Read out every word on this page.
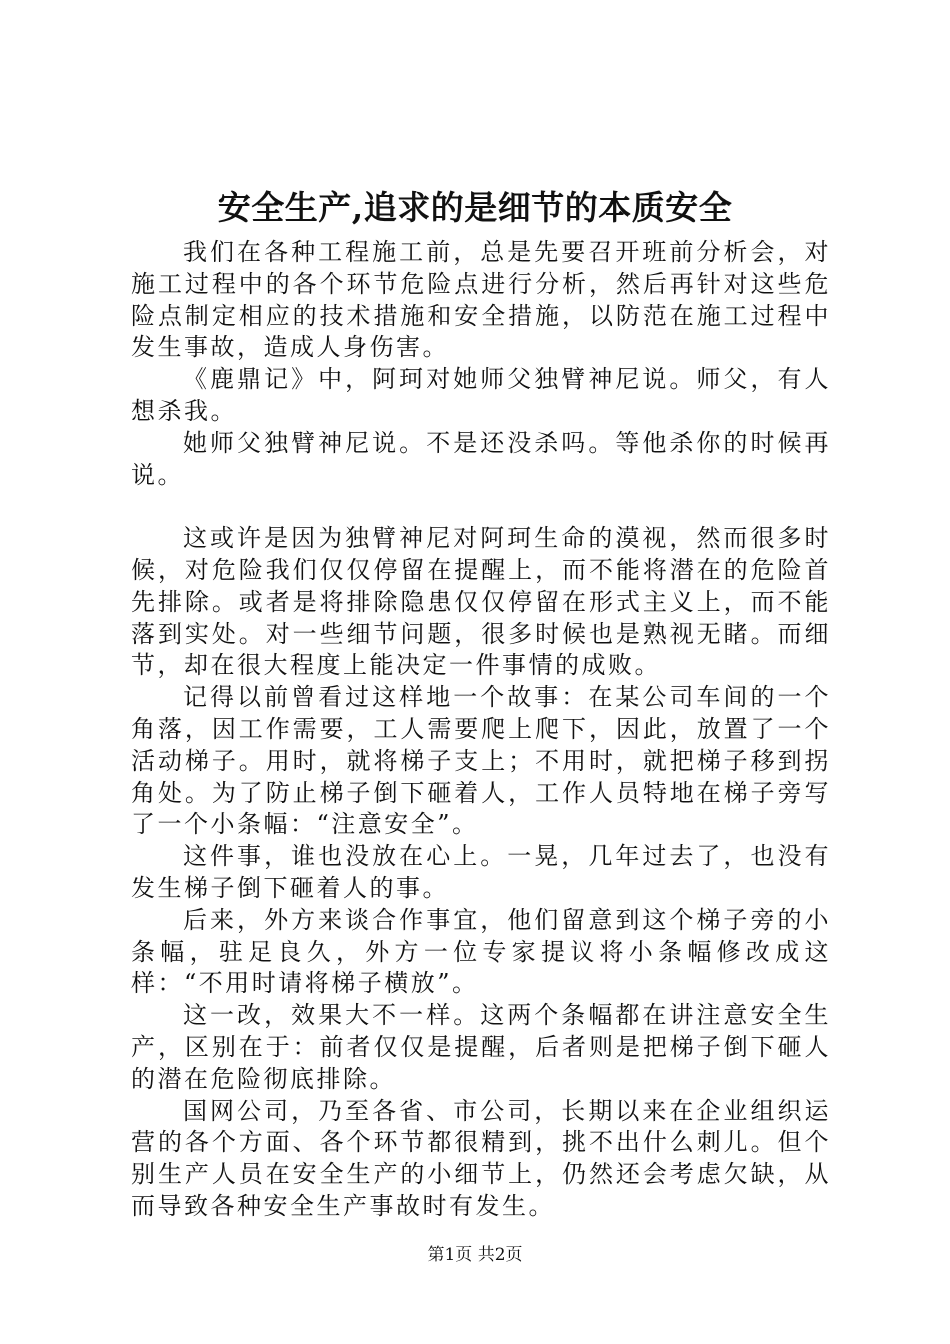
安全生产,追求的是细节的本质安全

我们在各种工程施工前，总是先要召开班前分析会，对施工过程中的各个环节危险点进行分析，然后再针对这些危险点制定相应的技术措施和安全措施，以防范在施工过程中发生事故，造成人身伤害。

《鹿鼎记》中，阿珂对她师父独臂神尼说。师父，有人想杀我。

她师父独臂神尼说。不是还没杀吗。等他杀你的时候再说。

这或许是因为独臂神尼对阿珂生命的漠视，然而很多时候，对危险我们仅仅停留在提醒上，而不能将潜在的危险首先排除。或者是将排除隐患仅仅停留在形式主义上，而不能落到实处。对一些细节问题，很多时候也是熟视无睹。而细节，却在很大程度上能决定一件事情的成败。

记得以前曾看过这样地一个故事：在某公司车间的一个角落，因工作需要，工人需要爬上爬下，因此，放置了一个活动梯子。用时，就将梯子支上；不用时，就把梯子移到拐角处。为了防止梯子倒下砸着人，工作人员特地在梯子旁写了一个小条幅：“注意安全”。

这件事，谁也没放在心上。一晃，几年过去了，也没有发生梯子倒下砸着人的事。

后来，外方来谈合作事宜，他们留意到这个梯子旁的小条幅，驻足良久，外方一位专家提议将小条幅修改成这样：“不用时请将梯子横放”。

这一改，效果大不一样。这两个条幅都在讲注意安全生产，区别在于：前者仅仅是提醒，后者则是把梯子倒下砸人的潜在危险彻底排除。

国网公司，乃至各省、市公司，长期以来在企业组织运营的各个方面、各个环节都很精到，挑不出什么刺儿。但个别生产人员在安全生产的小细节上，仍然还会考虑欠缺，从而导致各种安全生产事故时有发生。

第1页 共2页
